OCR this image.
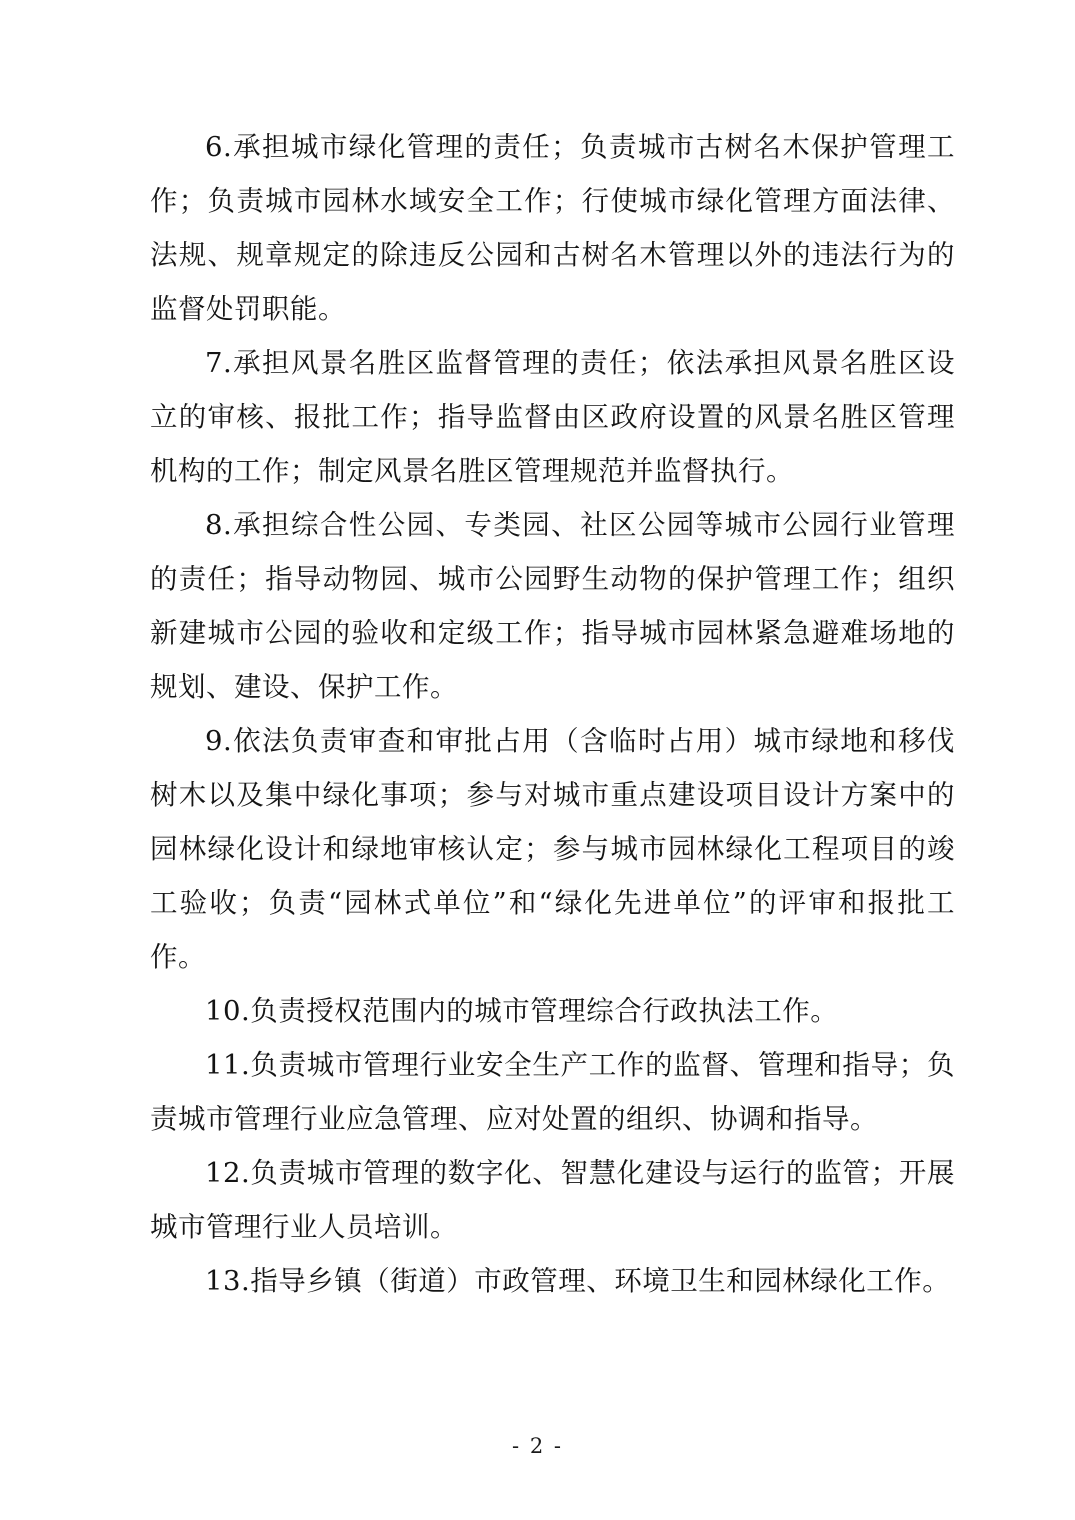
6.承担城市绿化管理的责任；负责城市古树名木保护管理工作；负责城市园林水域安全工作；行使城市绿化管理方面法律、法规、规章规定的除违反公园和古树名木管理以外的违法行为的监督处罚职能。

7.承担风景名胜区监督管理的责任；依法承担风景名胜区设立的审核、报批工作；指导监督由区政府设置的风景名胜区管理机构的工作；制定风景名胜区管理规范并监督执行。

8.承担综合性公园、专类园、社区公园等城市公园行业管理的责任；指导动物园、城市公园野生动物的保护管理工作；组织新建城市公园的验收和定级工作；指导城市园林紧急避难场地的规划、建设、保护工作。

9.依法负责审查和审批占用（含临时占用）城市绿地和移伐树木以及集中绿化事项；参与对城市重点建设项目设计方案中的园林绿化设计和绿地审核认定；参与城市园林绿化工程项目的竣工验收；负责“园林式单位”和“绿化先进单位”的评审和报批工作。

10.负责授权范围内的城市管理综合行政执法工作。

11.负责城市管理行业安全生产工作的监督、管理和指导；负责城市管理行业应急管理、应对处置的组织、协调和指导。

12.负责城市管理的数字化、智慧化建设与运行的监管；开展城市管理行业人员培训。

13.指导乡镇（街道）市政管理、环境卫生和园林绿化工作。

- 2 -
